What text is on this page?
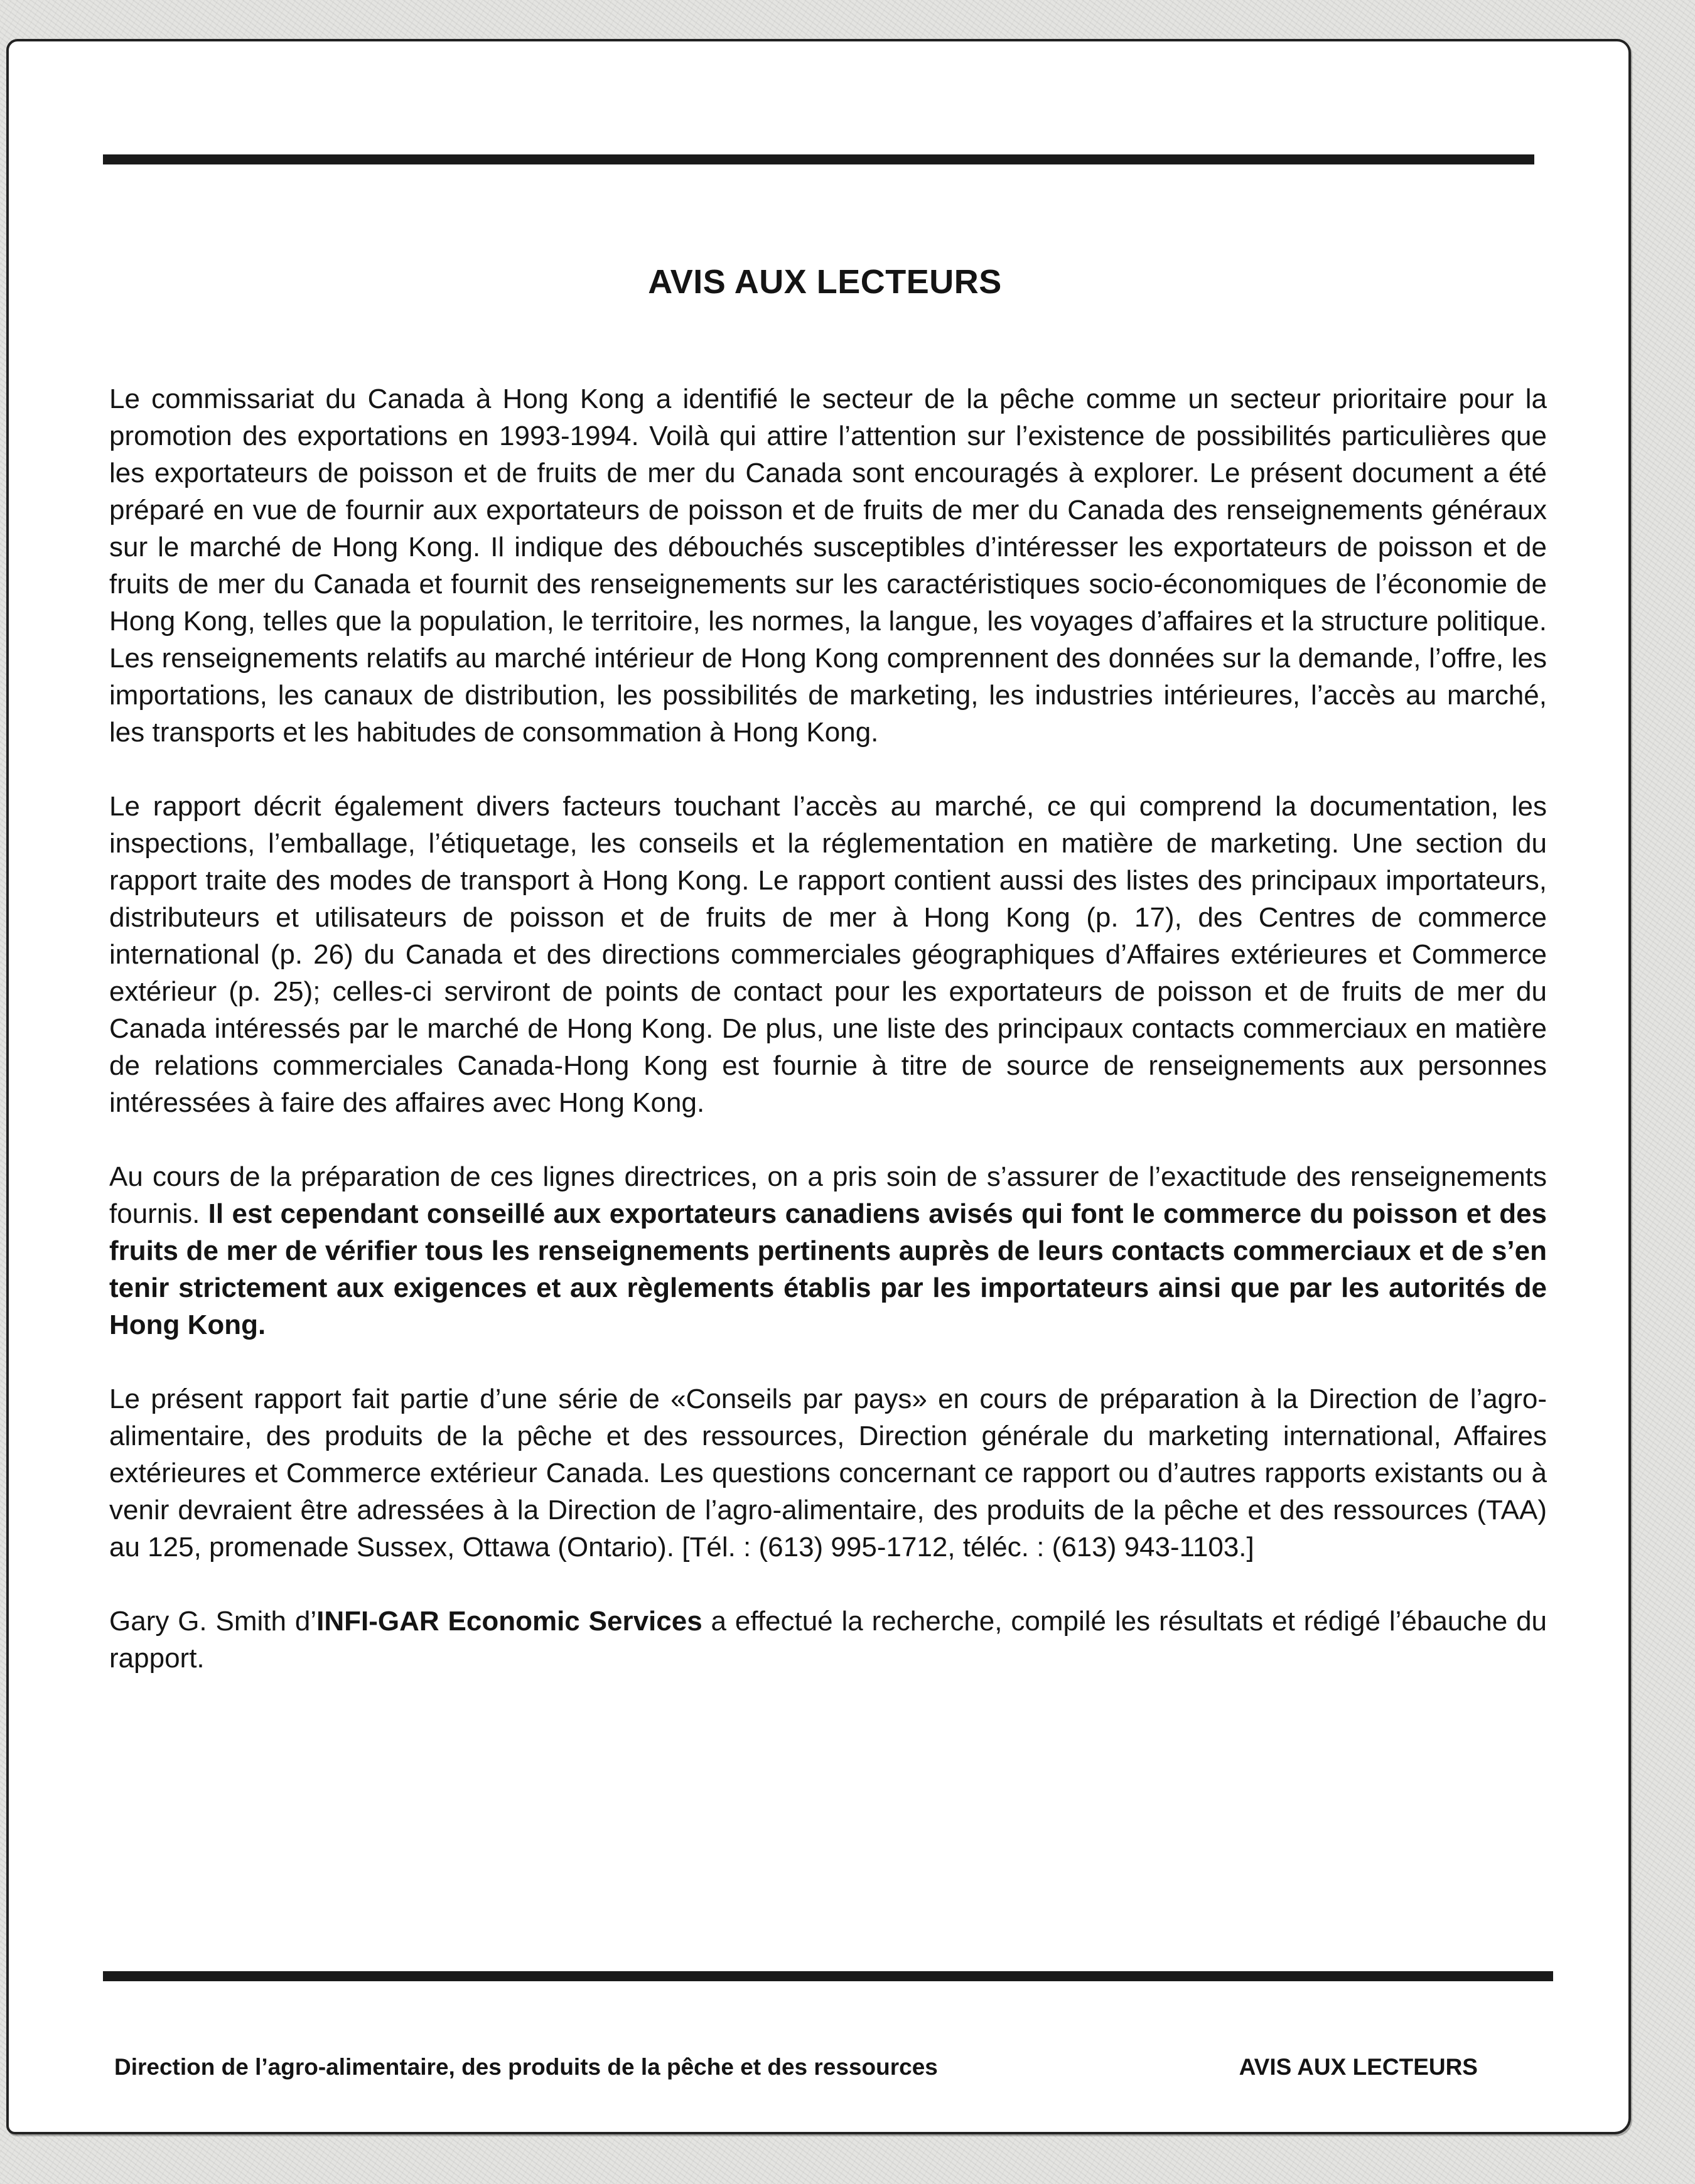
AVIS AUX LECTEURS

Le commissariat du Canada à Hong Kong a identifié le secteur de la pêche comme un secteur prioritaire pour la promotion des exportations en 1993-1994. Voilà qui attire l’attention sur l’existence de possibilités particulières que les exportateurs de poisson et de fruits de mer du Canada sont encouragés à explorer. Le présent document a été préparé en vue de fournir aux exportateurs de poisson et de fruits de mer du Canada des renseignements généraux sur le marché de Hong Kong. Il indique des débouchés susceptibles d’intéresser les exportateurs de poisson et de fruits de mer du Canada et fournit des renseignements sur les caractéristiques socio-économiques de l’économie de Hong Kong, telles que la population, le territoire, les normes, la langue, les voyages d’affaires et la structure politique. Les renseignements relatifs au marché intérieur de Hong Kong comprennent des données sur la demande, l’offre, les importations, les canaux de distribution, les possibilités de marketing, les industries intérieures, l’accès au marché, les transports et les habitudes de consommation à Hong Kong.

Le rapport décrit également divers facteurs touchant l’accès au marché, ce qui comprend la documentation, les inspections, l’emballage, l’étiquetage, les conseils et la réglementation en matière de marketing. Une section du rapport traite des modes de transport à Hong Kong. Le rapport contient aussi des listes des principaux importateurs, distributeurs et utilisateurs de poisson et de fruits de mer à Hong Kong (p. 17), des Centres de commerce international (p. 26) du Canada et des directions commerciales géographiques d’Affaires extérieures et Commerce extérieur (p. 25); celles-ci serviront de points de contact pour les exportateurs de poisson et de fruits de mer du Canada intéressés par le marché de Hong Kong. De plus, une liste des principaux contacts commerciaux en matière de relations commerciales Canada-Hong Kong est fournie à titre de source de renseignements aux personnes intéressées à faire des affaires avec Hong Kong.

Au cours de la préparation de ces lignes directrices, on a pris soin de s’assurer de l’exactitude des renseignements fournis. Il est cependant conseillé aux exportateurs canadiens avisés qui font le commerce du poisson et des fruits de mer de vérifier tous les renseignements pertinents auprès de leurs contacts commerciaux et de s’en tenir strictement aux exigences et aux règlements établis par les importateurs ainsi que par les autorités de Hong Kong.

Le présent rapport fait partie d’une série de «Conseils par pays» en cours de préparation à la Direction de l’agro-alimentaire, des produits de la pêche et des ressources, Direction générale du marketing international, Affaires extérieures et Commerce extérieur Canada. Les questions concernant ce rapport ou d’autres rapports existants ou à venir devraient être adressées à la Direction de l’agro-alimentaire, des produits de la pêche et des ressources (TAA) au 125, promenade Sussex, Ottawa (Ontario). [Tél. : (613) 995-1712, téléc. : (613) 943-1103.]

Gary G. Smith d’INFI-GAR Economic Services a effectué la recherche, compilé les résultats et rédigé l’ébauche du rapport.

Direction de l’agro-alimentaire, des produits de la pêche et des ressources	AVIS AUX LECTEURS
